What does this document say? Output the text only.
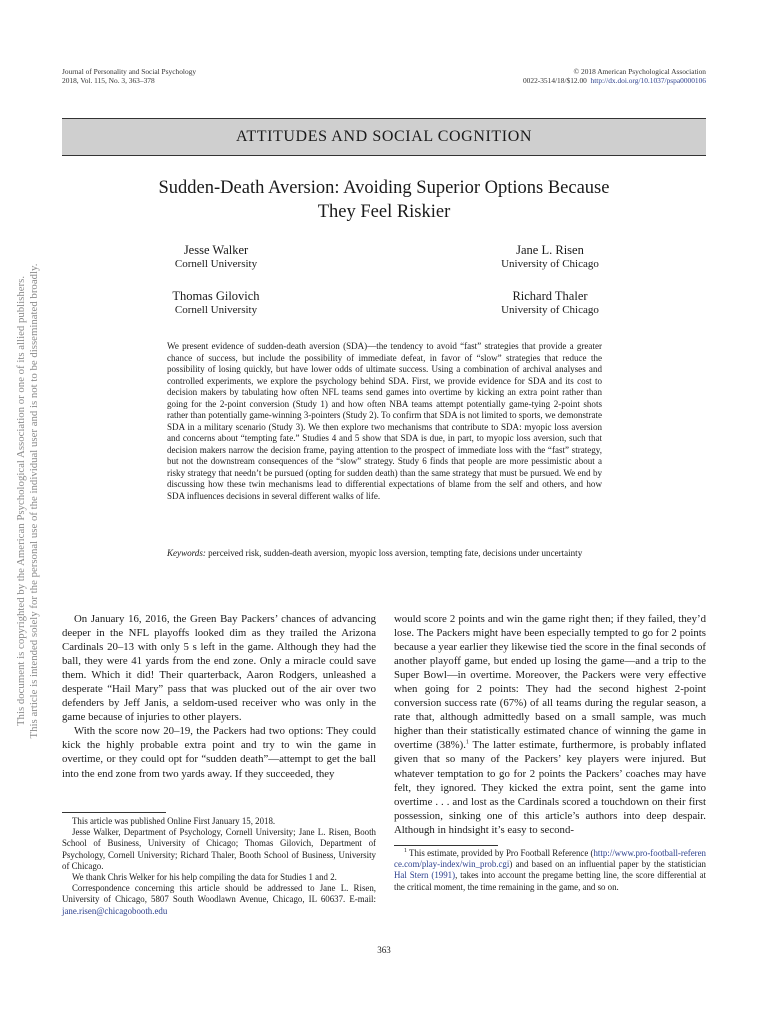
Journal of Personality and Social Psychology
2018, Vol. 115, No. 3, 363–378
© 2018 American Psychological Association
0022-3514/18/$12.00 http://dx.doi.org/10.1037/pspa0000106
This document is copyrighted by the American Psychological Association or one of its allied publishers. This article is intended solely for the personal use of the individual user and is not to be disseminated broadly.
ATTITUDES AND SOCIAL COGNITION
Sudden-Death Aversion: Avoiding Superior Options Because
They Feel Riskier
Jesse Walker
Cornell University
Jane L. Risen
University of Chicago
Thomas Gilovich
Cornell University
Richard Thaler
University of Chicago
We present evidence of sudden-death aversion (SDA)—the tendency to avoid “fast” strategies that provide a greater chance of success, but include the possibility of immediate defeat, in favor of “slow” strategies that reduce the possibility of losing quickly, but have lower odds of ultimate success. Using a combination of archival analyses and controlled experiments, we explore the psychology behind SDA. First, we provide evidence for SDA and its cost to decision makers by tabulating how often NFL teams send games into overtime by kicking an extra point rather than going for the 2-point conversion (Study 1) and how often NBA teams attempt potentially game-tying 2-point shots rather than potentially game-winning 3-pointers (Study 2). To confirm that SDA is not limited to sports, we demonstrate SDA in a military scenario (Study 3). We then explore two mechanisms that contribute to SDA: myopic loss aversion and concerns about “tempting fate.” Studies 4 and 5 show that SDA is due, in part, to myopic loss aversion, such that decision makers narrow the decision frame, paying attention to the prospect of immediate loss with the “fast” strategy, but not the downstream consequences of the “slow” strategy. Study 6 finds that people are more pessimistic about a risky strategy that needn’t be pursued (opting for sudden death) than the same strategy that must be pursued. We end by discussing how these twin mechanisms lead to differential expectations of blame from the self and others, and how SDA influences decisions in several different walks of life.
Keywords: perceived risk, sudden-death aversion, myopic loss aversion, tempting fate, decisions under uncertainty

On January 16, 2016, the Green Bay Packers’ chances of advancing deeper in the NFL playoffs looked dim as they trailed the Arizona Cardinals 20–13 with only 5 s left in the game. Although they had the ball, they were 41 yards from the end zone. Only a miracle could save them. Which it did! Their quarterback, Aaron Rodgers, unleashed a desperate “Hail Mary” pass that was plucked out of the air over two defenders by Jeff Janis, a seldom-used receiver who was only in the game because of injuries to other players.

With the score now 20–19, the Packers had two options: They could kick the highly probable extra point and try to win the game in overtime, or they could opt for “sudden death”—attempt to get the ball into the end zone from two yards away. If they succeeded, they

would score 2 points and win the game right then; if they failed, they’d lose. The Packers might have been especially tempted to go for 2 points because a year earlier they likewise tied the score in the final seconds of another playoff game, but ended up losing the game—and a trip to the Super Bowl—in overtime. Moreover, the Packers were very effective when going for 2 points: They had the second highest 2-point conversion success rate (67%) of all teams during the regular season, a rate that, although admittedly based on a small sample, was much higher than their statistically estimated chance of winning the game in overtime (38%).$^1$ The latter estimate, furthermore, is probably inflated given that so many of the Packers’ key players were injured. But whatever temptation to go for 2 points the Packers’ coaches may have felt, they ignored. They kicked the extra point, sent the game into overtime . . . and lost as the Cardinals scored a touchdown on their first possession, sinking one of this article’s authors into deep despair. Although in hindsight it’s easy to second-

This article was published Online First January 15, 2018.

Jesse Walker, Department of Psychology, Cornell University; Jane L. Risen, Booth School of Business, University of Chicago; Thomas Gilovich, Department of Psychology, Cornell University; Richard Thaler, Booth School of Business, University of Chicago.

We thank Chris Welker for his help compiling the data for Studies 1 and 2.

Correspondence concerning this article should be addressed to Jane L. Risen, University of Chicago, 5807 South Woodlawn Avenue, Chicago, IL 60637. E-mail: jane.risen@chicagobooth.edu

$^1$ This estimate, provided by Pro Football Reference (http://www.pro-football-reference.com/play-index/win_prob.cgi) and based on an influential paper by the statistician Hal Stern (1991), takes into account the pregame betting line, the score differential at the critical moment, the time remaining in the game, and so on.

363
